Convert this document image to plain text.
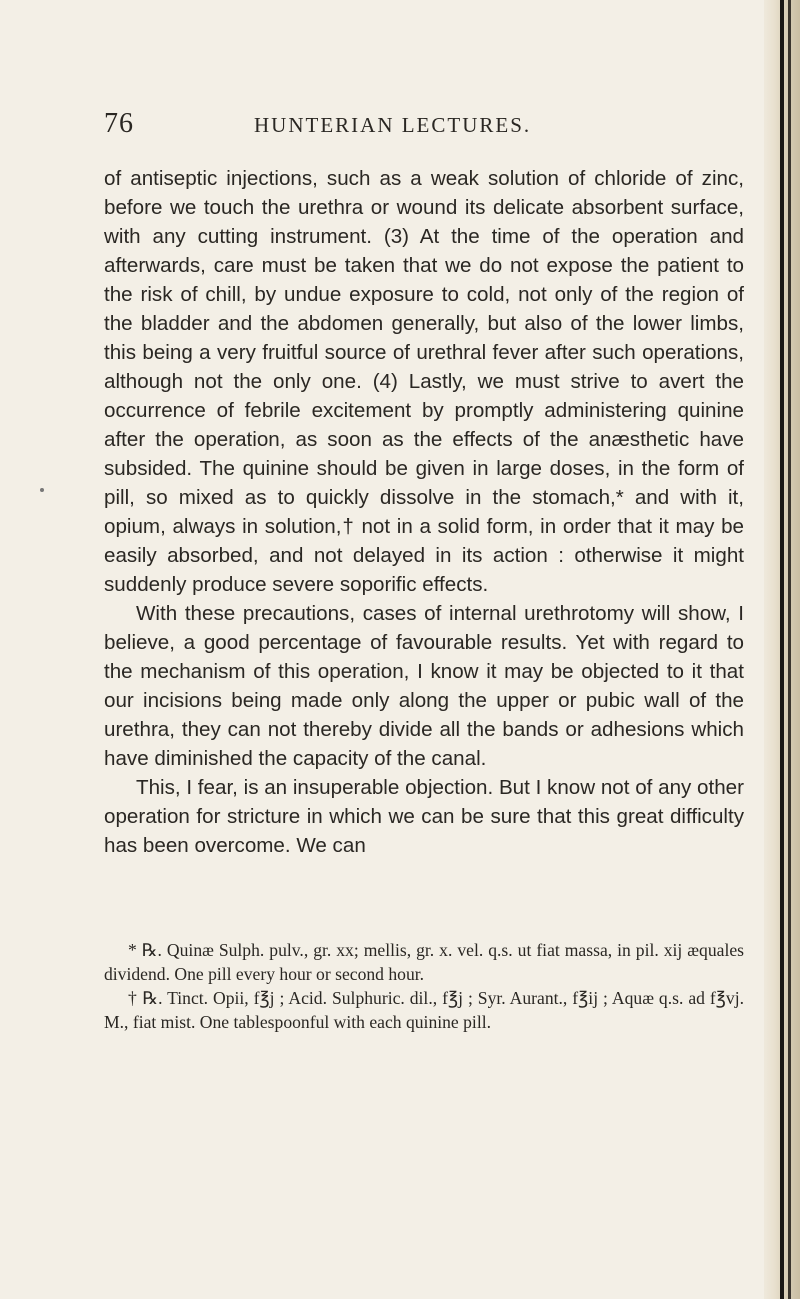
76	HUNTERIAN LECTURES.

of antiseptic injections, such as a weak solution of chloride of zinc, before we touch the urethra or wound its delicate absorbent surface, with any cutting instrument. (3) At the time of the operation and afterwards, care must be taken that we do not expose the patient to the risk of chill, by undue exposure to cold, not only of the region of the bladder and the abdomen generally, but also of the lower limbs, this being a very fruitful source of urethral fever after such operations, although not the only one. (4) Lastly, we must strive to avert the occurrence of febrile excitement by promptly administering quinine after the operation, as soon as the effects of the anæsthetic have subsided. The quinine should be given in large doses, in the form of pill, so mixed as to quickly dissolve in the stomach,* and with it, opium, always in solution,† not in a solid form, in order that it may be easily absorbed, and not delayed in its action : otherwise it might suddenly produce severe soporific effects.

With these precautions, cases of internal urethrotomy will show, I believe, a good percentage of favourable results. Yet with regard to the mechanism of this operation, I know it may be objected to it that our incisions being made only along the upper or pubic wall of the urethra, they can not thereby divide all the bands or adhesions which have diminished the capacity of the canal.

This, I fear, is an insuperable objection. But I know not of any other operation for stricture in which we can be sure that this great difficulty has been overcome. We can

* ℞. Quinæ Sulph. pulv., gr. xx; mellis, gr. x. vel. q.s. ut fiat massa, in pil. xij æquales dividend. One pill every hour or second hour.

† ℞. Tinct. Opii, f℥j ; Acid. Sulphuric. dil., f℥j ; Syr. Aurant., f℥ij ; Aquæ q.s. ad f℥vj. M., fiat mist. One tablespoonful with each quinine pill.
